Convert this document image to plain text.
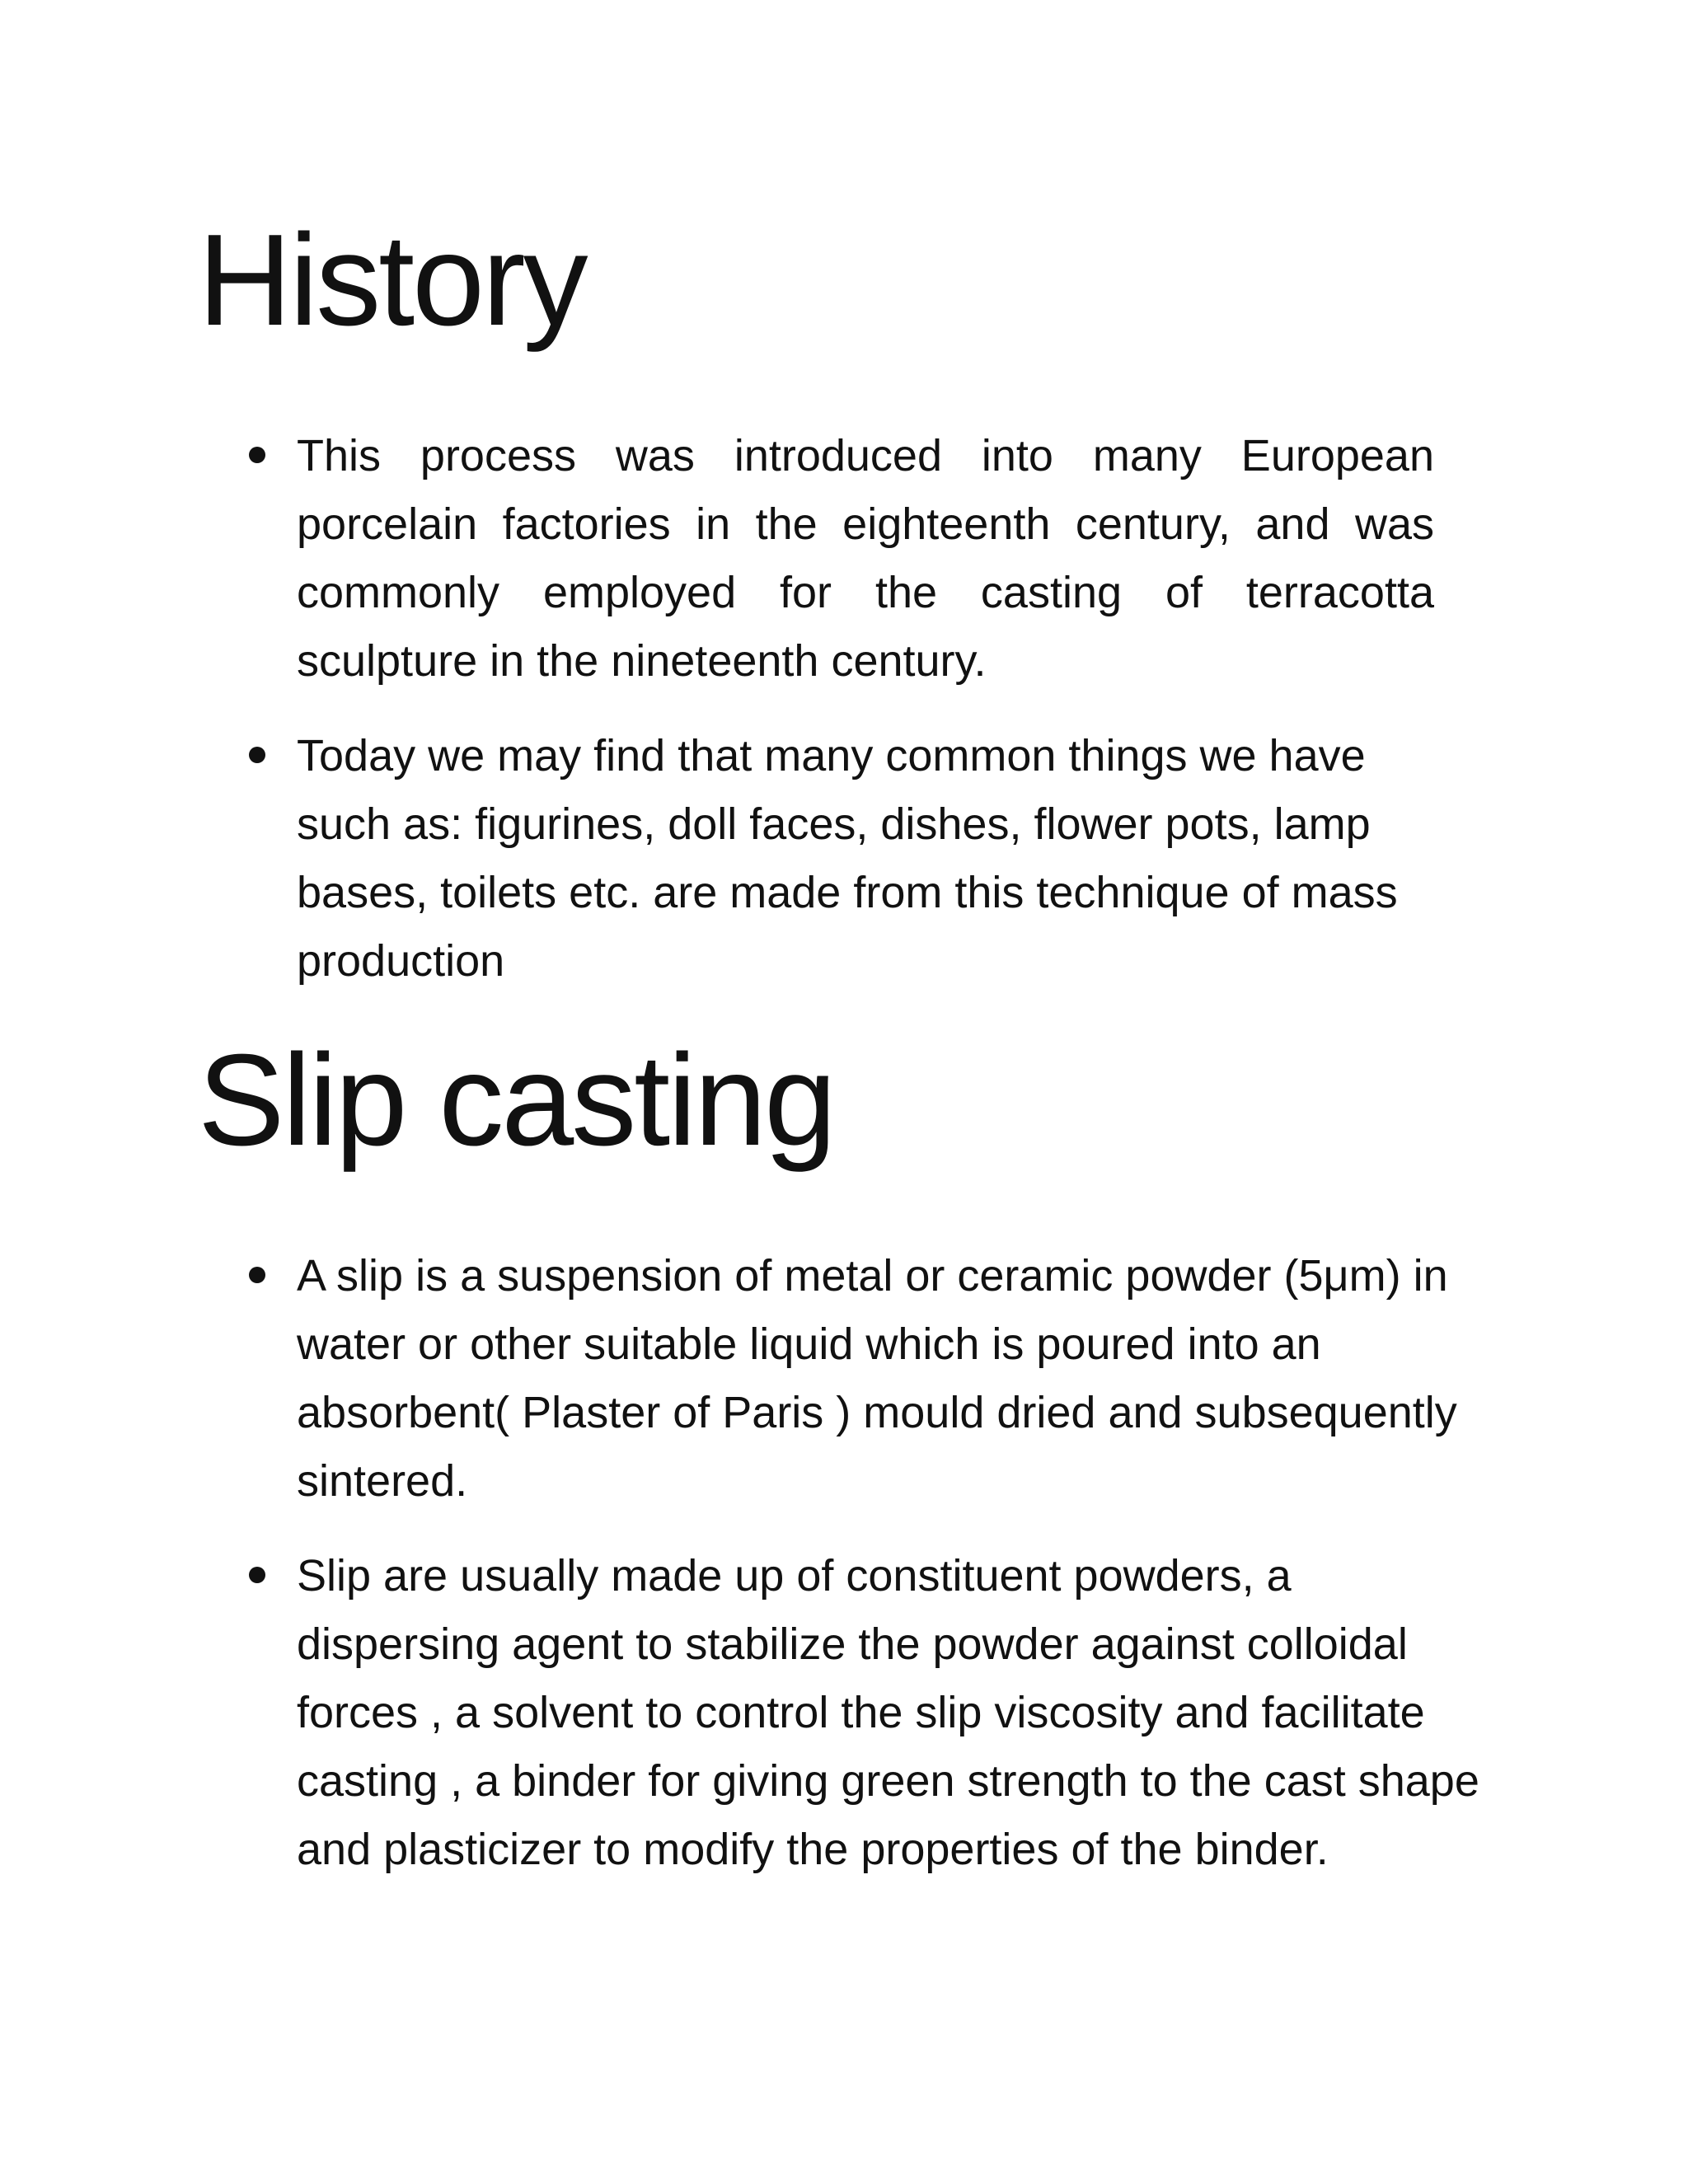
History
This process was introduced into many European porcelain factories in the eighteenth century, and was commonly employed for the casting of terracotta sculpture in the nineteenth century.
Today we may find that many common things we have such as: figurines, doll faces, dishes, flower pots, lamp bases, toilets etc. are made from this technique of mass production
Slip casting
A slip is a suspension of metal or ceramic powder (5μm) in water or other suitable liquid which is poured into an absorbent( Plaster of Paris ) mould dried and subsequently sintered.
Slip are usually made up of constituent powders, a dispersing agent to stabilize the powder against colloidal forces , a solvent to control the slip viscosity and facilitate casting , a binder for giving green strength to the cast shape and plasticizer to modify the properties of the binder.
